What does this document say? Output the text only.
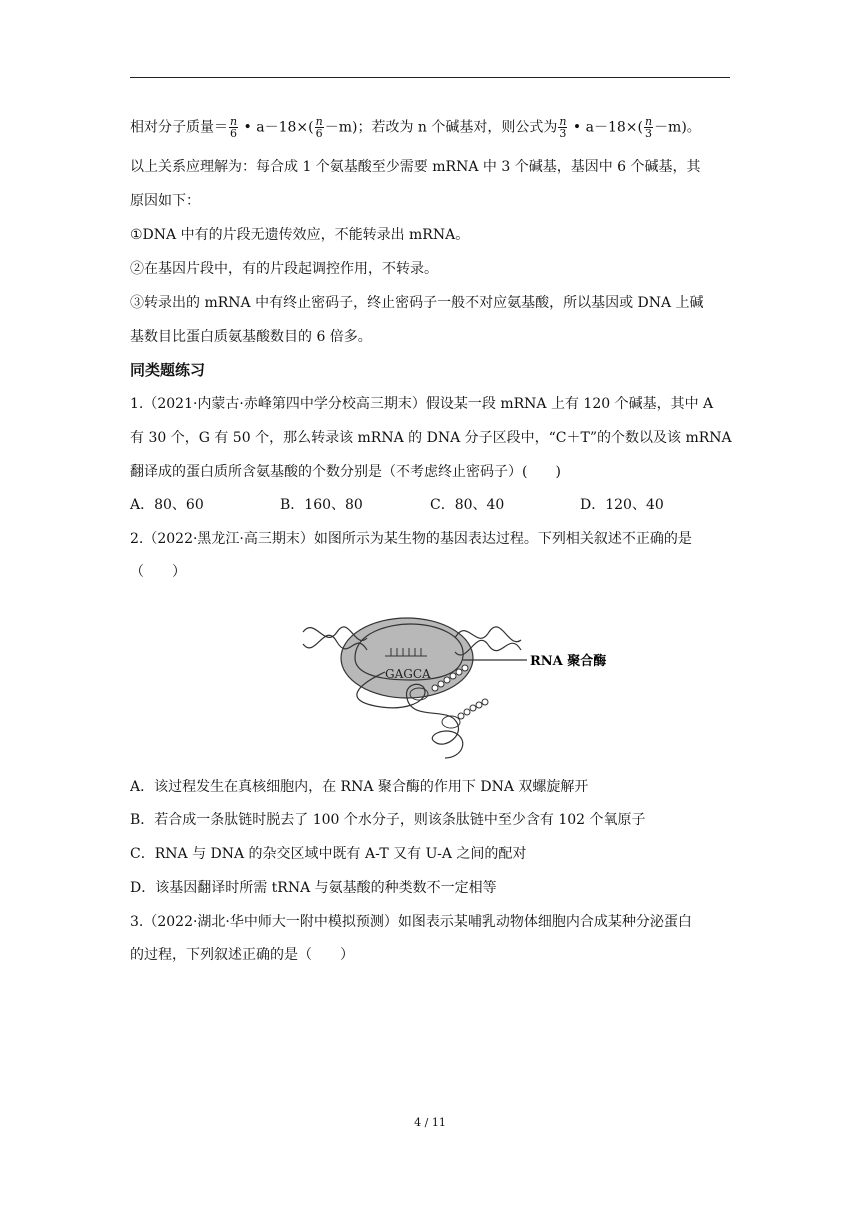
相对分子质量＝ $\frac{n}{6}$ • $a-18\times( \frac{n}{6} -m)$；若改为 n 个碱基对，则公式为 $\frac{n}{3}$ • $a-18\times( \frac{n}{3} -m)$。
以上关系应理解为：每合成 1 个氨基酸至少需要 mRNA 中 3 个碱基，基因中 6 个碱基，其
原因如下：
①DNA 中有的片段无遗传效应，不能转录出 mRNA。
②在基因片段中，有的片段起调控作用，不转录。
③转录出的 mRNA 中有终止密码子，终止密码子一般不对应氨基酸，所以基因或 DNA 上碱
基数目比蛋白质氨基酸数目的 6 倍多。
同类题练习
1.（2021·内蒙古·赤峰第四中学分校高三期末）假设某一段 mRNA 上有 120 个碱基，其中 A
有 30 个，G 有 50 个，那么转录该 mRNA 的 DNA 分子区段中，“C＋T”的个数以及该 mRNA
翻译成的蛋白质所含氨基酸的个数分别是（不考虑终止密码子）(　　)
A．80、60	B．160、80	C．80、40	D．120、40
2.（2022·黑龙江·高三期末）如图所示为某生物的基因表达过程。下列相关叙述不正确的是
（　　）
RNA 聚合酶
GAGCA
A．该过程发生在真核细胞内，在 RNA 聚合酶的作用下 DNA 双螺旋解开
B．若合成一条肽链时脱去了 100 个水分子，则该条肽链中至少含有 102 个氧原子
C．RNA 与 DNA 的杂交区域中既有 A-T 又有 U-A 之间的配对
D．该基因翻译时所需 tRNA 与氨基酸的种类数不一定相等
3.（2022·湖北·华中师大一附中模拟预测）如图表示某哺乳动物体细胞内合成某种分泌蛋白
的过程，下列叙述正确的是（　　）
4 / 11
